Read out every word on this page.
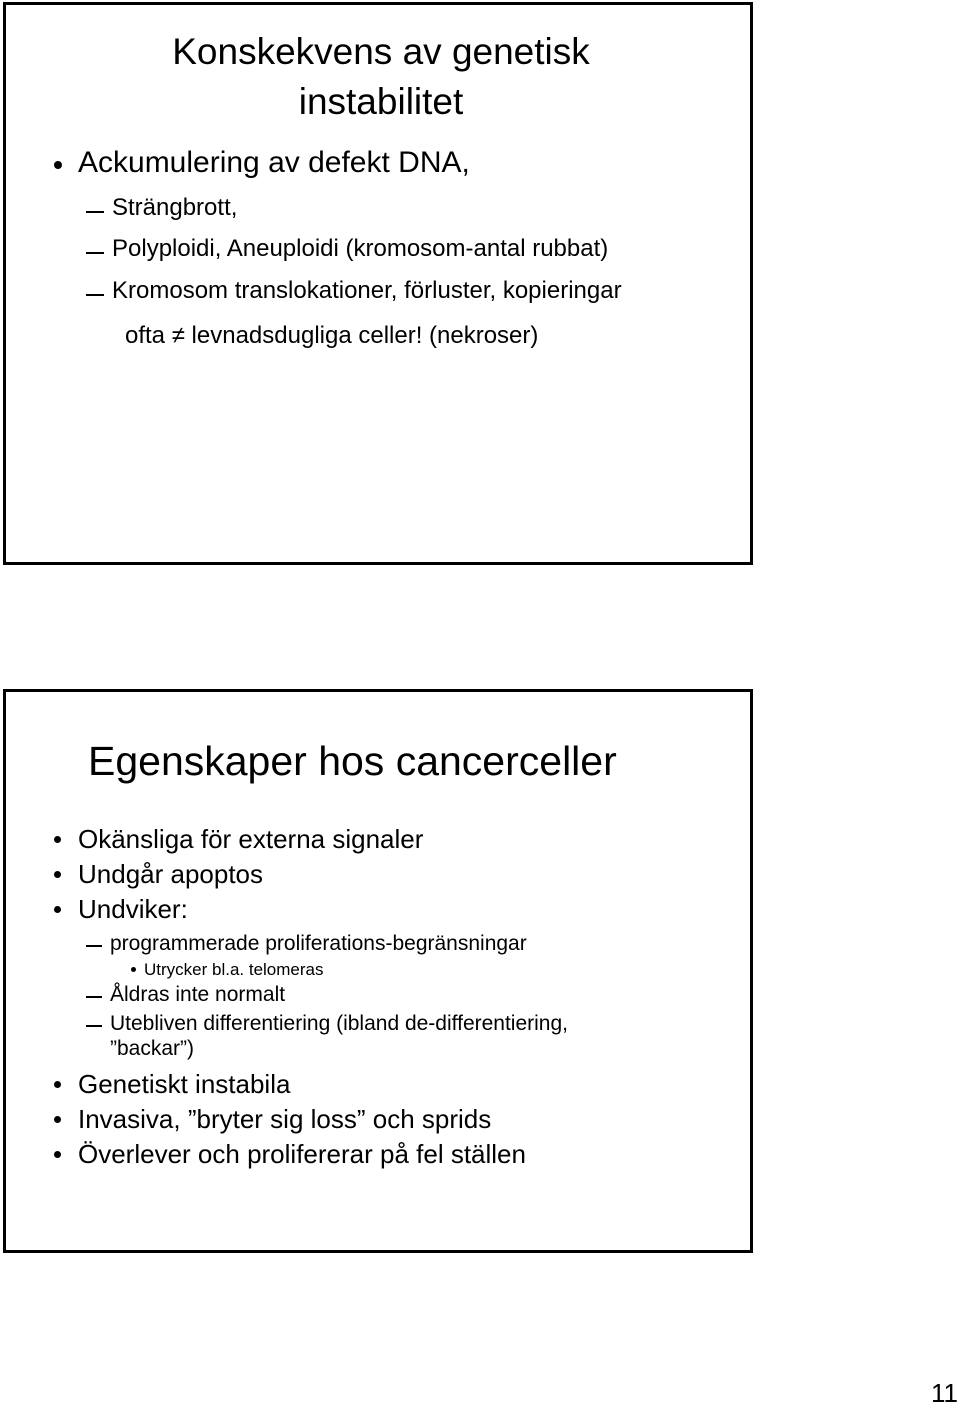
Konskekvens av genetisk
instabilitet
Ackumulering av defekt DNA,
Strängbrott,
Polyploidi, Aneuploidi (kromosom-antal rubbat)
Kromosom translokationer, förluster, kopieringar
ofta ≠ levnadsdugliga celler! (nekroser)
Egenskaper hos cancerceller
Okänsliga för externa signaler
Undgår apoptos
Undviker:
programmerade proliferations-begränsningar
Utrycker bl.a. telomeras
Åldras inte normalt
Utebliven differentiering (ibland de-differentiering,
”backar”)
Genetiskt instabila
Invasiva, ”bryter sig loss” och sprids
Överlever och prolifererar på fel ställen
11
